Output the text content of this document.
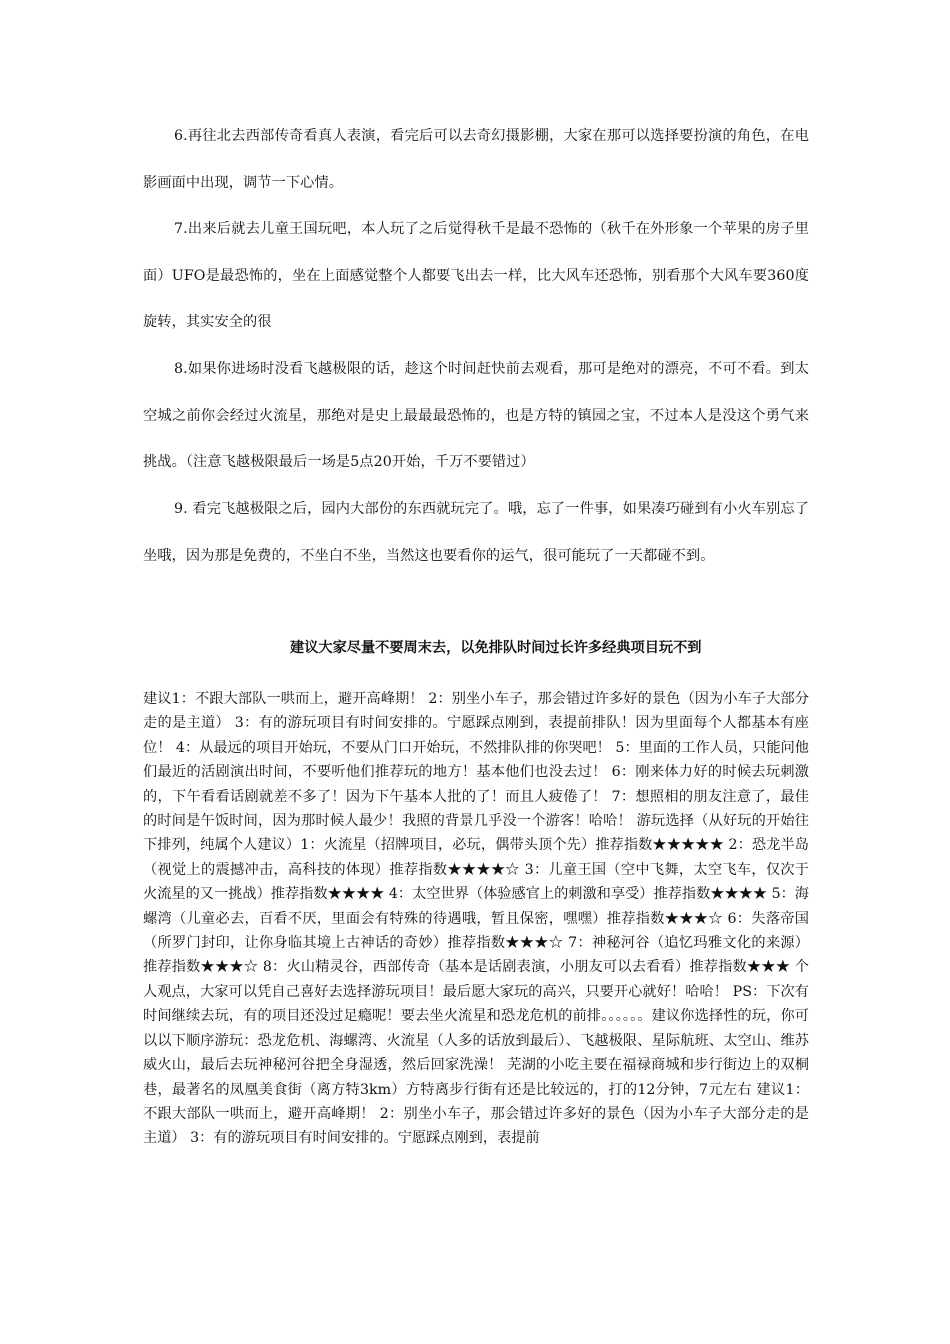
6.再往北去西部传奇看真人表演，看完后可以去奇幻摄影棚，大家在那可以选择要扮演的角色，在电影画面中出现，调节一下心情。

7.出来后就去儿童王国玩吧，本人玩了之后觉得秋千是最不恐怖的（秋千在外形象一个苹果的房子里面）UFO是最恐怖的，坐在上面感觉整个人都要飞出去一样，比大风车还恐怖，别看那个大风车要360度旋转，其实安全的很

8.如果你进场时没看飞越极限的话，趁这个时间赶快前去观看，那可是绝对的漂亮，不可不看。到太空城之前你会经过火流星，那绝对是史上最最最恐怖的，也是方特的镇园之宝，不过本人是没这个勇气来挑战。（注意飞越极限最后一场是5点20开始，千万不要错过）

9. 看完飞越极限之后，园内大部份的东西就玩完了。哦，忘了一件事，如果凑巧碰到有小火车别忘了坐哦，因为那是免费的，不坐白不坐，当然这也要看你的运气，很可能玩了一天都碰不到。

建议大家尽量不要周末去，以免排队时间过长许多经典项目玩不到

建议1：不跟大部队一哄而上，避开高峰期！ 2：别坐小车子，那会错过许多好的景色（因为小车子大部分走的是主道） 3：有的游玩项目有时间安排的。宁愿踩点刚到，表提前排队！因为里面每个人都基本有座位！ 4：从最远的项目开始玩，不要从门口开始玩，不然排队排的你哭吧！ 5：里面的工作人员，只能问他们最近的活剧演出时间，不要听他们推荐玩的地方！基本他们也没去过！ 6：刚来体力好的时候去玩刺激的，下午看看话剧就差不多了！因为下午基本人批的了！而且人疲倦了！ 7：想照相的朋友注意了，最佳的时间是午饭时间，因为那时候人最少！我照的背景几乎没一个游客！哈哈！ 游玩选择（从好玩的开始往下排列，纯属个人建议）1：火流星（招牌项目，必玩，偶带头顶个先）推荐指数★★★★★ 2：恐龙半岛（视觉上的震撼冲击，高科技的体现）推荐指数★★★★☆ 3：儿童王国（空中飞舞，太空飞车，仅次于火流星的又一挑战）推荐指数★★★★ 4：太空世界（体验感官上的刺激和享受）推荐指数★★★★ 5：海螺湾（儿童必去，百看不厌，里面会有特殊的待遇哦，暂且保密，嘿嘿）推荐指数★★★☆ 6：失落帝国（所罗门封印，让你身临其境上古神话的奇妙）推荐指数★★★☆ 7：神秘河谷（追忆玛雅文化的来源）推荐指数★★★☆ 8：火山精灵谷，西部传奇（基本是话剧表演，小朋友可以去看看）推荐指数★★★ 个人观点，大家可以凭自己喜好去选择游玩项目！最后愿大家玩的高兴，只要开心就好！哈哈！ PS：下次有时间继续去玩，有的项目还没过足瘾呢！要去坐火流星和恐龙危机的前排。。。。。。建议你选择性的玩，你可以以下顺序游玩：恐龙危机、海螺湾、火流星（人多的话放到最后）、飞越极限、星际航班、太空山、维苏威火山，最后去玩神秘河谷把全身湿透，然后回家洗澡！ 芜湖的小吃主要在福禄商城和步行街边上的双桐巷，最著名的凤凰美食街（离方特3km）方特离步行街有还是比较远的，打的12分钟，7元左右 建议1：不跟大部队一哄而上，避开高峰期！ 2：别坐小车子，那会错过许多好的景色（因为小车子大部分走的是主道） 3：有的游玩项目有时间安排的。宁愿踩点刚到，表提前
